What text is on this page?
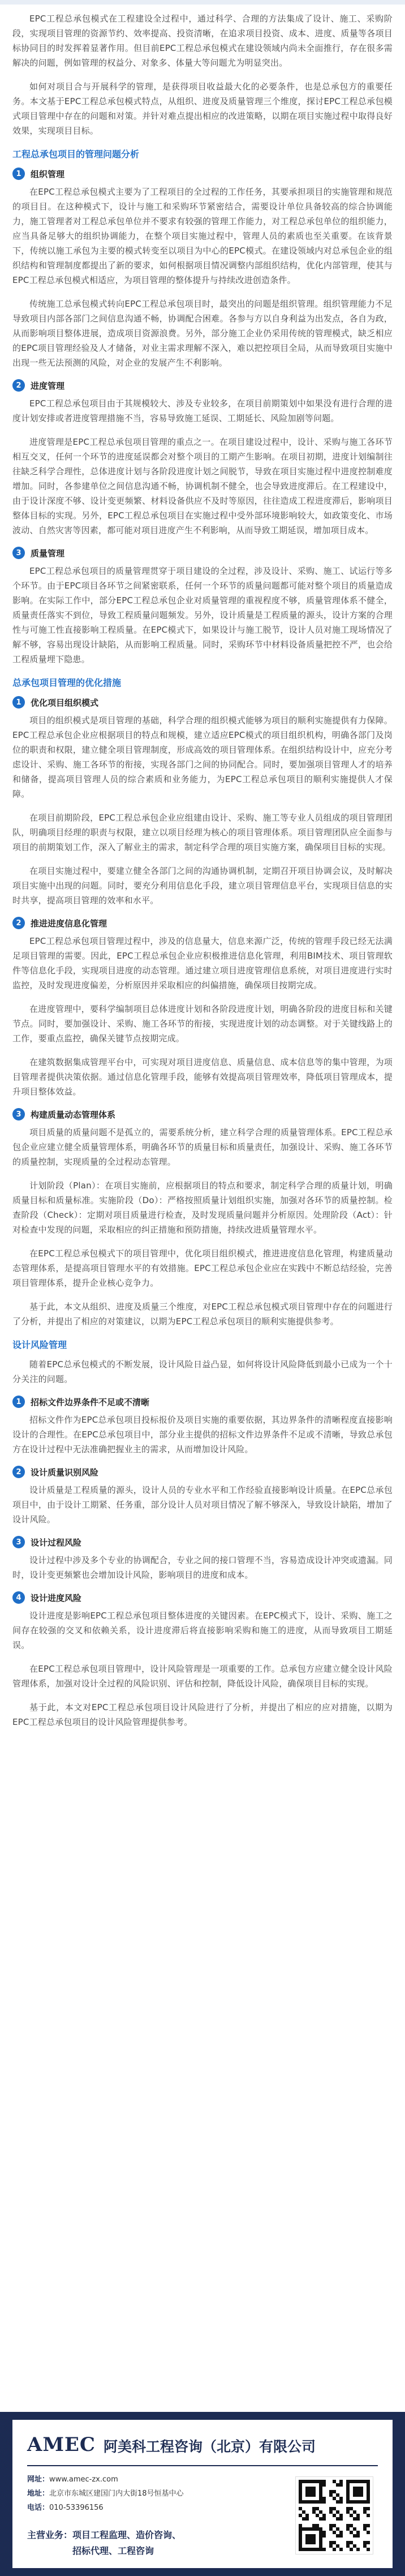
EPC工程总承包模式在工程建设全过程中，通过科学、合理的方法集成了设计、施工、采购阶段，实现项目管理的资源节约、效率提高、投资清晰，在追求项目投资、成本、进度、质量等各项目标协同目的时发挥着显著作用。但目前EPC工程总承包模式在建设领域内尚未全面推行，存在很多需解决的问题，例如管理的权益分、对象多、体量大等问题尤为明显突出。

如何对项目合与开展科学的管理，是获得项目收益最大化的必要条件，也是总承包方的重要任务。本文基于EPC工程总承包模式特点，从组织、进度及质量管理三个维度，探讨EPC工程总承包模式项目管理中存在的问题和对策。并针对难点提出相应的改进策略，以期在项目实施过程中取得良好效果，实现项目目标。

工程总承包项目的管理问题分析
1	组织管理

在EPC工程总承包模式主要为了工程项目的全过程的工作任务，其要承担项目的实施管理和规范的项目目。在这种模式下，设计与施工和采购环节紧密结合，需要设计单位具备较高的综合协调能力，施工管理者对工程总承包单位并不要求有较强的管理工作能力，对工程总承包单位的组织能力，应当具备足够大的组织协调能力，在整个项目实施过程中，管理人员的素质也至关重要。在该背景下，传统以施工承包为主要的模式转变至以项目为中心的EPC模式。在建设领域内对总承包企业的组织结构和管理制度都提出了新的要求，如何根据项目情况调整内部组织结构，优化内部管理，使其与EPC工程总承包模式相适应，为项目管理的整体提升与持续改进创造条件。

传统施工总承包模式转向EPC工程总承包项目时，最突出的问题是组织管理。组织管理能力不足导致项目内部各部门之间信息沟通不畅，协调配合困难。各参与方以自身利益为出发点，各自为政，从而影响项目整体进展，造成项目资源浪费。另外，部分施工企业仍采用传统的管理模式，缺乏相应的EPC项目管理经验及人才储备，对业主需求理解不深入，难以把控项目全局，从而导致项目实施中出现一些无法预测的风险，对企业的发展产生不利影响。

2	进度管理

EPC工程总承包项目由于其规模较大、涉及专业较多，在项目前期策划中如果没有进行合理的进度计划安排或者进度管理措施不当，容易导致施工延误、工期延长、风险加剧等问题。

进度管理是EPC工程总承包项目管理的重点之一。在项目建设过程中，设计、采购与施工各环节相互交叉，任何一个环节的进度延误都会对整个项目的工期产生影响。在项目初期，进度计划编制往往缺乏科学合理性，总体进度计划与各阶段进度计划之间脱节，导致在项目实施过程中进度控制难度增加。同时，各参建单位之间信息沟通不畅，协调机制不健全，也会导致进度滞后。在工程建设中，由于设计深度不够、设计变更频繁、材料设备供应不及时等原因，往往造成工程进度滞后，影响项目整体目标的实现。另外，EPC工程总承包项目在实施过程中受外部环境影响较大，如政策变化、市场波动、自然灾害等因素，都可能对项目进度产生不利影响，从而导致工期延误，增加项目成本。

3	质量管理

EPC工程总承包项目的质量管理贯穿于项目建设的全过程，涉及设计、采购、施工、试运行等多个环节。由于EPC项目各环节之间紧密联系，任何一个环节的质量问题都可能对整个项目的质量造成影响。在实际工作中，部分EPC工程总承包企业对质量管理的重视程度不够，质量管理体系不健全，质量责任落实不到位，导致工程质量问题频发。另外，设计质量是工程质量的源头，设计方案的合理性与可施工性直接影响工程质量。在EPC模式下，如果设计与施工脱节，设计人员对施工现场情况了解不够，容易出现设计缺陷，从而影响工程质量。同时，采购环节中材料设备质量把控不严，也会给工程质量埋下隐患。

总承包项目管理的优化措施
1	优化项目组织模式

项目的组织模式是项目管理的基础，科学合理的组织模式能够为项目的顺利实施提供有力保障。EPC工程总承包企业应根据项目的特点和规模，建立适应EPC模式的项目组织机构，明确各部门及岗位的职责和权限，建立健全项目管理制度，形成高效的项目管理体系。在组织结构设计中，应充分考虑设计、采购、施工各环节的衔接，实现各部门之间的协同配合。同时，要加强项目管理人才的培养和储备，提高项目管理人员的综合素质和业务能力，为EPC工程总承包项目的顺利实施提供人才保障。

在项目前期阶段，EPC工程总承包企业应组建由设计、采购、施工等专业人员组成的项目管理团队，明确项目经理的职责与权限，建立以项目经理为核心的项目管理体系。项目管理团队应全面参与项目的前期策划工作，深入了解业主的需求，制定科学合理的项目实施方案，确保项目目标的实现。

在项目实施过程中，要建立健全各部门之间的沟通协调机制，定期召开项目协调会议，及时解决项目实施中出现的问题。同时，要充分利用信息化手段，建立项目管理信息平台，实现项目信息的实时共享，提高项目管理的效率和水平。

2	推进进度信息化管理

EPC工程总承包项目管理过程中，涉及的信息量大，信息来源广泛，传统的管理手段已经无法满足项目管理的需要。因此，EPC工程总承包企业应积极推进信息化管理，利用BIM技术、项目管理软件等信息化手段，实现项目进度的动态管理。通过建立项目进度管理信息系统，对项目进度进行实时监控，及时发现进度偏差，分析原因并采取相应的纠偏措施，确保项目按期完成。

在进度管理中，要科学编制项目总体进度计划和各阶段进度计划，明确各阶段的进度目标和关键节点。同时，要加强设计、采购、施工各环节的衔接，实现进度计划的动态调整。对于关键线路上的工作，要重点监控，确保关键节点按期完成。

在建筑数据集成管理平台中，可实现对项目进度信息、质量信息、成本信息等的集中管理，为项目管理者提供决策依据。通过信息化管理手段，能够有效提高项目管理效率，降低项目管理成本，提升项目整体效益。

3	构建质量动态管理体系

项目质量的质量问题不是孤立的，需要系统分析，建立科学合理的质量管理体系。EPC工程总承包企业应建立健全质量管理体系，明确各环节的质量目标和质量责任，加强设计、采购、施工各环节的质量控制，实现质量的全过程动态管理。

计划阶段（Plan）：在项目实施前，应根据项目的特点和要求，制定科学合理的质量计划，明确质量目标和质量标准。实施阶段（Do）：严格按照质量计划组织实施，加强对各环节的质量控制。检查阶段（Check）：定期对项目质量进行检查，及时发现质量问题并分析原因。处理阶段（Act）：针对检查中发现的问题，采取相应的纠正措施和预防措施，持续改进质量管理水平。

在EPC工程总承包模式下的项目管理中，优化项目组织模式，推进进度信息化管理，构建质量动态管理体系，是提高项目管理水平的有效措施。EPC工程总承包企业应在实践中不断总结经验，完善项目管理体系，提升企业核心竞争力。

基于此，本文从组织、进度及质量三个维度，对EPC工程总承包模式项目管理中存在的问题进行了分析，并提出了相应的对策建议，以期为EPC工程总承包项目的顺利实施提供参考。

设计风险管理

随着EPC总承包模式的不断发展，设计风险日益凸显，如何将设计风险降低到最小已成为一个十分关注的问题。

1	招标文件边界条件不足或不清晰

招标文件作为EPC总承包项目投标报价及项目实施的重要依据，其边界条件的清晰程度直接影响设计的合理性。在EPC总承包项目中，部分业主提供的招标文件边界条件不足或不清晰，导致总承包方在设计过程中无法准确把握业主的需求，从而增加设计风险。

2	设计质量识别风险

设计质量是工程质量的源头，设计人员的专业水平和工作经验直接影响设计质量。在EPC总承包项目中，由于设计工期紧、任务重，部分设计人员对项目情况了解不够深入，导致设计缺陷，增加了设计风险。

3	设计过程风险

设计过程中涉及多个专业的协调配合，专业之间的接口管理不当，容易造成设计冲突或遗漏。同时，设计变更频繁也会增加设计风险，影响项目的进度和成本。

4	设计进度风险

设计进度是影响EPC工程总承包项目整体进度的关键因素。在EPC模式下，设计、采购、施工之间存在较强的交叉和依赖关系，设计进度滞后将直接影响采购和施工的进度，从而导致项目工期延误。

在EPC工程总承包项目管理中，设计风险管理是一项重要的工作。总承包方应建立健全设计风险管理体系，加强对设计全过程的风险识别、评估和控制，降低设计风险，确保项目目标的实现。

基于此，本文对EPC工程总承包项目设计风险进行了分析，并提出了相应的应对措施，以期为EPC工程总承包项目的设计风险管理提供参考。

AMEC 阿美科工程咨询（北京）有限公司
网址：www.amec-zx.com
地址：北京市东城区建国门内大街18号恒基中心
电话：010-53396156
主营业务：项目工程监理、造价咨询、
招标代理、工程咨询
